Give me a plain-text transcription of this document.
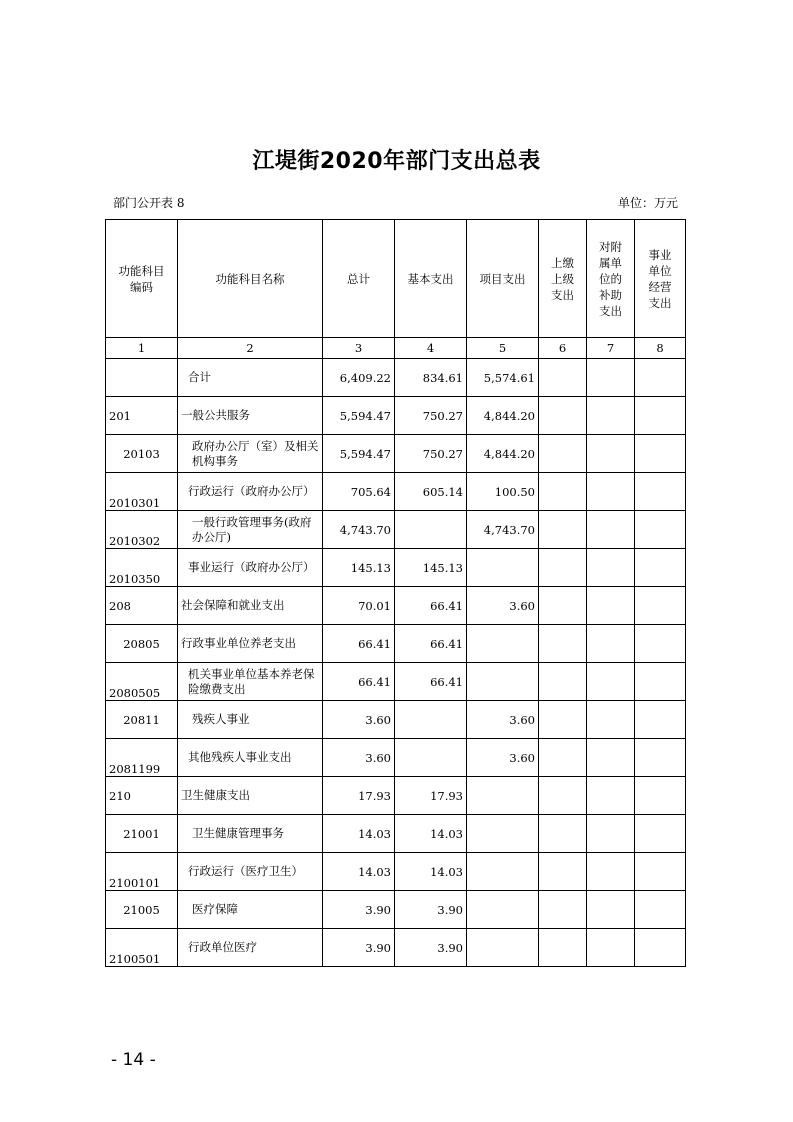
江堤街2020年部门支出总表
部门公开表 8	单位：万元
功能科目编码	功能科目名称	总计	基本支出	项目支出	上缴上级支出	对附属单位的补助支出	事业单位经营支出

1	2	3	4	5	6	7	8
	合计	6,409.22	834.61	5,574.61			
201	一般公共服务	5,594.47	750.27	4,844.20			
20103	政府办公厅（室）及相关机构事务	5,594.47	750.27	4,844.20			
2010301	行政运行（政府办公厅）	705.64	605.14	100.50			
2010302	一般行政管理事务(政府办公厅)	4,743.70		4,743.70			
2010350	事业运行（政府办公厅）	145.13	145.13				
208	社会保障和就业支出	70.01	66.41	3.60			
20805	行政事业单位养老支出	66.41	66.41				
2080505	机关事业单位基本养老保险缴费支出	66.41	66.41				
20811	残疾人事业	3.60		3.60			
2081199	其他残疾人事业支出	3.60		3.60			
210	卫生健康支出	17.93	17.93				
21001	卫生健康管理事务	14.03	14.03				
2100101	行政运行（医疗卫生）	14.03	14.03				
21005	医疗保障	3.90	3.90				
2100501	行政单位医疗	3.90	3.90				
- 14 -
